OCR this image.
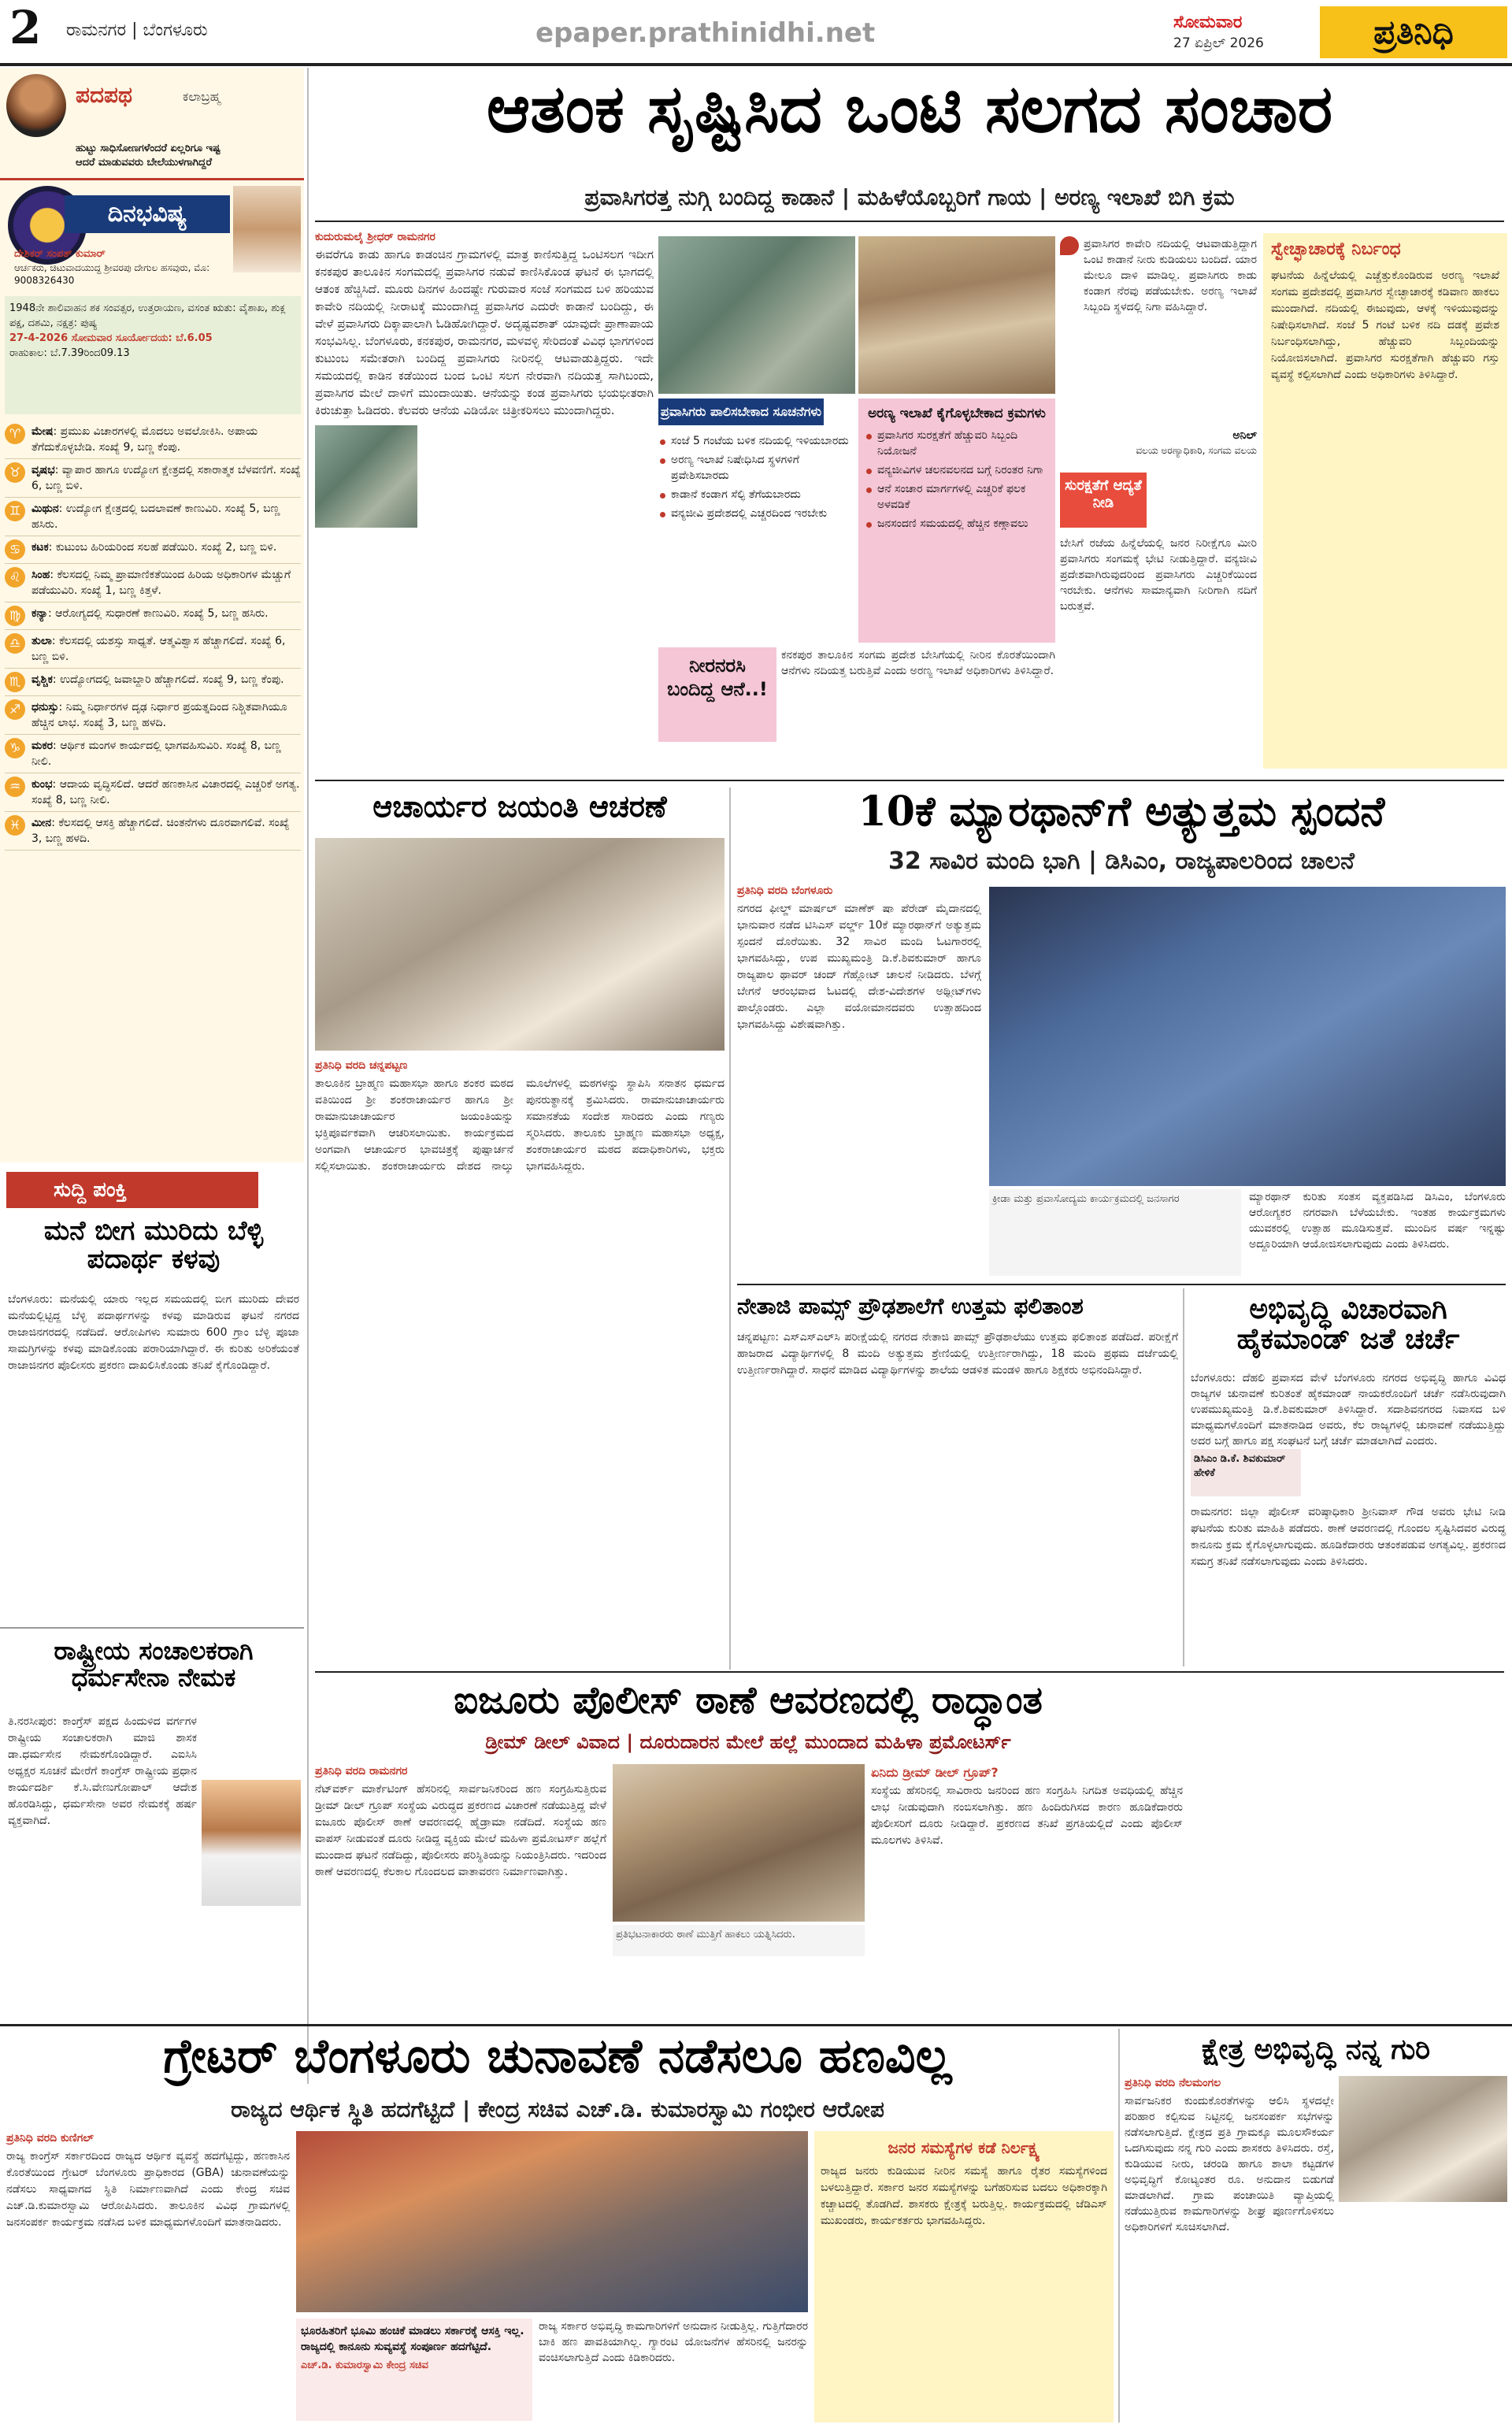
2 ರಾಮನಗರ | ಬೆಂಗಳೂರು	epaper.prathinidhi.net	ಸೋಮವಾರ
27 ಏಪ್ರಿಲ್ 2026	ಪ್ರತಿನಿಧಿ
ಪದಪಥ	ಕಲಾಬ್ರಹ್ಮ
ಹುಟ್ಟು ಸಾಧಿಸೋಣಗಳೆಂದರೆ ಏಲ್ಲರಿಗೂ ಇಷ್ಟ
ಆದರೆ ಮಾಡುವವರು ಬೇಲೆಯುಳಗಾಗಿದ್ದರೆ
ದಿನಭವಿಷ್ಯ
ದೇಶಿಕರ್ ಸಂಪತ್ ಕುಮಾರ್
ಆರ್ಚಕರು, ಚಿಟುವಾದಯುದ್ದ ಶ್ರೀವರಪು ದೇಗುಲ ಹಸವುರು, ಮೊ: 9008326430
1948ನೇ ಶಾಲಿವಾಹನ ಶಕ ಸಂವತ್ಸರ, ಉತ್ತರಾಯಣ, ವಸಂತ ಋತು: ವೈಶಾಖ, ಶುಕ್ಲ ಪಕ್ಷ, ದಶಮಿ, ನಕ್ಷತ್ರ: ಪುಷ್ಯ
27-4-2026 ಸೋಮವಾರ ಸೂರ್ಯೋದಯ: ಬೆ.6.05
ರಾಹುಕಾಲ: ಬೆ.7.39ರಿಂದ09.13
♈ ಮೇಷ: ಪ್ರಮುಖ ವಿಚಾರಗಳಲ್ಲಿ ಮೊದಲು ಅವಲೋಕಿಸಿ. ಅಪಾಯ ತೆಗೆದುಕೊಳ್ಳಬೇಡಿ. ಸಂಖ್ಯೆ 9, ಬಣ್ಣ ಕೆಂಪು.
♉ ವೃಷಭ: ವ್ಯಾಪಾರ ಹಾಗೂ ಉದ್ಯೋಗ ಕ್ಷೇತ್ರದಲ್ಲಿ ಸಕಾರಾತ್ಮಕ ಬೆಳವಣಿಗೆ. ಸಂಖ್ಯೆ 6, ಬಣ್ಣ ಬಿಳಿ.
♊ ಮಿಥುನ: ಉದ್ಯೋಗ ಕ್ಷೇತ್ರದಲ್ಲಿ ಬದಲಾವಣೆ ಕಾಣುವಿರಿ. ಸಂಖ್ಯೆ 5, ಬಣ್ಣ ಹಸಿರು.
♋ ಕಟಕ: ಕುಟುಂಬ ಹಿರಿಯರಿಂದ ಸಲಹೆ ಪಡೆಯಿರಿ. ಸಂಖ್ಯೆ 2, ಬಣ್ಣ ಬಿಳಿ.
♌ ಸಿಂಹ: ಕೆಲಸದಲ್ಲಿ ನಿಮ್ಮ ಪ್ರಾಮಾಣಿಕತೆಯಿಂದ ಹಿರಿಯ ಅಧಿಕಾರಿಗಳ ಮೆಚ್ಚುಗೆ ಪಡೆಯುವಿರಿ. ಸಂಖ್ಯೆ 1, ಬಣ್ಣ ಕಿತ್ತಳೆ.
♍ ಕನ್ಯಾ: ಆರೋಗ್ಯದಲ್ಲಿ ಸುಧಾರಣೆ ಕಾಣುವಿರಿ. ಸಂಖ್ಯೆ 5, ಬಣ್ಣ ಹಸಿರು.
♎ ತುಲಾ: ಕೆಲಸದಲ್ಲಿ ಯಶಸ್ಸು ಸಾಧ್ಯತೆ. ಆತ್ಮವಿಶ್ವಾಸ ಹೆಚ್ಚಾಗಲಿದೆ. ಸಂಖ್ಯೆ 6, ಬಣ್ಣ ಬಿಳಿ.
♏ ವೃಶ್ಚಿಕ: ಉದ್ಯೋಗದಲ್ಲಿ ಜವಾಬ್ದಾರಿ ಹೆಚ್ಚಾಗಲಿದೆ. ಸಂಖ್ಯೆ 9, ಬಣ್ಣ ಕೆಂಪು.
♐ ಧನುಸ್ಸು: ನಿಮ್ಮ ನಿರ್ಧಾರಗಳ ದೃಢ ನಿರ್ಧಾರ ಪ್ರಯತ್ನದಿಂದ ನಿಶ್ಚಿತವಾಗಿಯೂ ಹೆಚ್ಚಿನ ಲಾಭ. ಸಂಖ್ಯೆ 3, ಬಣ್ಣ ಹಳದಿ.
♑ ಮಕರ: ಆರ್ಥಿಕ ಮಂಗಳ ಕಾರ್ಯದಲ್ಲಿ ಭಾಗವಹಿಸುವಿರಿ. ಸಂಖ್ಯೆ 8, ಬಣ್ಣ ನೀಲಿ.
♒ ಕುಂಭ: ಆದಾಯ ವೃದ್ಧಿಸಲಿದೆ. ಆದರೆ ಹಣಕಾಸಿನ ವಿಚಾರದಲ್ಲಿ ಎಚ್ಚರಿಕೆ ಅಗತ್ಯ. ಸಂಖ್ಯೆ 8, ಬಣ್ಣ ನೀಲಿ.
♓ ಮೀನ: ಕೆಲಸದಲ್ಲಿ ಆಸಕ್ತಿ ಹೆಚ್ಚಾಗಲಿದೆ. ಚಿಂತನೆಗಳು ದೂರವಾಗಲಿವೆ. ಸಂಖ್ಯೆ 3, ಬಣ್ಣ ಹಳದಿ.
ಸುದ್ದಿ ಪಂಕ್ತಿ
ಮನೆ ಬೀಗ ಮುರಿದು ಬೆಳ್ಳಿ ಪದಾರ್ಥ ಕಳವು
ಬೆಂಗಳೂರು: ಮನೆಯಲ್ಲಿ ಯಾರು ಇಲ್ಲದ ಸಮಯದಲ್ಲಿ ಬೀಗ ಮುರಿದು ದೇವರ ಮನೆಯಲ್ಲಿಟ್ಟಿದ್ದ ಬೆಳ್ಳಿ ಪದಾರ್ಥಗಳನ್ನು ಕಳವು ಮಾಡಿರುವ ಘಟನೆ ನಗರದ ರಾಜಾಜಿನಗರದಲ್ಲಿ ನಡೆದಿದೆ. ಆರೋಪಿಗಳು ಸುಮಾರು 600 ಗ್ರಾಂ ಬೆಳ್ಳಿ ಪೂಜಾ ಸಾಮಗ್ರಿಗಳನ್ನು ಕಳವು ಮಾಡಿಕೊಂಡು ಪರಾರಿಯಾಗಿದ್ದಾರೆ. ಈ ಕುರಿತು ಅರಿಕೆಯಂತೆ ರಾಜಾಜಿನಗರ ಪೊಲೀಸರು ಪ್ರಕರಣ ದಾಖಲಿಸಿಕೊಂಡು ತನಿಖೆ ಕೈಗೊಂಡಿದ್ದಾರೆ.
ರಾಷ್ಟ್ರೀಯ ಸಂಚಾಲಕರಾಗಿ ಧರ್ಮಸೇನಾ ನೇಮಕ
ತಿ.ನರಸೀಪುರ: ಕಾಂಗ್ರೆಸ್ ಪಕ್ಷದ ಹಿಂದುಳಿದ ವರ್ಗಗಳ ರಾಷ್ಟ್ರೀಯ ಸಂಚಾಲಕರಾಗಿ ಮಾಜಿ ಶಾಸಕ ಡಾ.ಧರ್ಮಸೇನ ನೇಮಕಗೊಂಡಿದ್ದಾರೆ. ಎಐಸಿಸಿ ಅಧ್ಯಕ್ಷರ ಸೂಚನೆ ಮೇರೆಗೆ ಕಾಂಗ್ರೆಸ್ ರಾಷ್ಟ್ರೀಯ ಪ್ರಧಾನ ಕಾರ್ಯದರ್ಶಿ ಕೆ.ಸಿ.ವೇಣುಗೋಪಾಲ್ ಆದೇಶ ಹೊರಡಿಸಿದ್ದು, ಧರ್ಮಸೇನಾ ಅವರ ನೇಮಕಕ್ಕೆ ಹರ್ಷ ವ್ಯಕ್ತವಾಗಿದೆ.
ಆತಂಕ ಸೃಷ್ಟಿಸಿದ ಒಂಟಿ ಸಲಗದ ಸಂಚಾರ
ಪ್ರವಾಸಿಗರತ್ತ ನುಗ್ಗಿ ಬಂದಿದ್ದ ಕಾಡಾನೆ | ಮಹಿಳೆಯೊಬ್ಬರಿಗೆ ಗಾಯ | ಅರಣ್ಯ ಇಲಾಖೆ ಬಿಗಿ ಕ್ರಮ
ಕುದುರುಮಲೈ ಶ್ರೀಧರ್ ರಾಮನಗರ
ಈವರೆಗೂ ಕಾಡು ಹಾಗೂ ಕಾಡಂಚಿನ ಗ್ರಾಮಗಳಲ್ಲಿ ಮಾತ್ರ ಕಾಣಿಸುತ್ತಿದ್ದ ಒಂಟಿಸಲಗ ಇದೀಗ ಕನಕಪುರ ತಾಲೂಕಿನ ಸಂಗಮದಲ್ಲಿ ಪ್ರವಾಸಿಗರ ನಡುವೆ ಕಾಣಿಸಿಕೊಂಡ ಘಟನೆ ಈ ಭಾಗದಲ್ಲಿ ಆತಂಕ ಹೆಚ್ಚಿಸಿದೆ. ಮೂರು ದಿನಗಳ ಹಿಂದಷ್ಟೇ ಗುರುವಾರ ಸಂಜೆ ಸಂಗಮದ ಬಳಿ ಹರಿಯುವ ಕಾವೇರಿ ನದಿಯಲ್ಲಿ ನೀರಾಟಕ್ಕೆ ಮುಂದಾಗಿದ್ದ ಪ್ರವಾಸಿಗರ ಎದುರೇ ಕಾಡಾನೆ ಬಂದಿದ್ದು, ಈ ವೇಳೆ ಪ್ರವಾಸಿಗರು ದಿಕ್ಕಾಪಾಲಾಗಿ ಓಡಿಹೋಗಿದ್ದಾರೆ. ಅದೃಷ್ಟವಶಾತ್ ಯಾವುದೇ ಪ್ರಾಣಾಪಾಯ ಸಂಭವಿಸಿಲ್ಲ. ಬೆಂಗಳೂರು, ಕನಕಪುರ, ರಾಮನಗರ, ಮಳವಳ್ಳಿ ಸೇರಿದಂತೆ ವಿವಿಧ ಭಾಗಗಳಿಂದ ಕುಟುಂಬ ಸಮೇತರಾಗಿ ಬಂದಿದ್ದ ಪ್ರವಾಸಿಗರು ನೀರಿನಲ್ಲಿ ಆಟವಾಡುತ್ತಿದ್ದರು. ಇದೇ ಸಮಯದಲ್ಲಿ ಕಾಡಿನ ಕಡೆಯಿಂದ ಬಂದ ಒಂಟಿ ಸಲಗ ನೇರವಾಗಿ ನದಿಯತ್ತ ಸಾಗಿಬಂದು, ಪ್ರವಾಸಿಗರ ಮೇಲೆ ದಾಳಿಗೆ ಮುಂದಾಯಿತು. ಆನೆಯನ್ನು ಕಂಡ ಪ್ರವಾಸಿಗರು ಭಯಭೀತರಾಗಿ ಕಿರುಚುತ್ತಾ ಓಡಿದರು. ಕೆಲವರು ಆನೆಯ ವಿಡಿಯೋ ಚಿತ್ರೀಕರಿಸಲು ಮುಂದಾಗಿದ್ದರು.	ಪ್ರವಾಸಿಗರು ಪಾಲಿಸಬೇಕಾದ ಸೂಚನೆಗಳು
ಸಂಜೆ 5 ಗಂಟೆಯ ಬಳಿಕ ನದಿಯಲ್ಲಿ ಇಳಿಯಬಾರದು
ಅರಣ್ಯ ಇಲಾಖೆ ನಿಷೇಧಿಸಿದ ಸ್ಥಳಗಳಿಗೆ ಪ್ರವೇಶಿಸಬಾರದು
ಕಾಡಾನೆ ಕಂಡಾಗ ಸೆಲ್ಫಿ ತೆಗೆಯಬಾರದು
ವನ್ಯಜೀವಿ ಪ್ರದೇಶದಲ್ಲಿ ಎಚ್ಚರದಿಂದ ಇರಬೇಕು
ಅರಣ್ಯ ಇಲಾಖೆ ಕೈಗೊಳ್ಳಬೇಕಾದ ಕ್ರಮಗಳು
ಪ್ರವಾಸಿಗರ ಸುರಕ್ಷತೆಗೆ ಹೆಚ್ಚುವರಿ ಸಿಬ್ಬಂದಿ ನಿಯೋಜನೆ
ವನ್ಯಜೀವಿಗಳ ಚಲನವಲನದ ಬಗ್ಗೆ ನಿರಂತರ ನಿಗಾ
ಆನೆ ಸಂಚಾರ ಮಾರ್ಗಗಳಲ್ಲಿ ಎಚ್ಚರಿಕೆ ಫಲಕ ಅಳವಡಿಕೆ
ಜನಸಂದಣಿ ಸಮಯದಲ್ಲಿ ಹೆಚ್ಚಿನ ಕಣ್ಗಾವಲು
ನೀರನರಸಿ ಬಂದಿದ್ದ ಆನೆ..!
ಕನಕಪುರ ತಾಲೂಕಿನ ಸಂಗಮ ಪ್ರದೇಶ ಬೇಸಿಗೆಯಲ್ಲಿ ನೀರಿನ ಕೊರತೆಯಿಂದಾಗಿ ಆನೆಗಳು ನದಿಯತ್ತ ಬರುತ್ತಿವೆ ಎಂದು ಅರಣ್ಯ ಇಲಾಖೆ ಅಧಿಕಾರಿಗಳು ತಿಳಿಸಿದ್ದಾರೆ.
ಪ್ರವಾಸಿಗರ ಕಾವೇರಿ ನದಿಯಲ್ಲಿ ಆಟವಾಡುತ್ತಿದ್ದಾಗ ಒಂಟಿ ಕಾಡಾನೆ ನೀರು ಕುಡಿಯಲು ಬಂದಿದೆ. ಯಾರ ಮೇಲೂ ದಾಳಿ ಮಾಡಿಲ್ಲ. ಪ್ರವಾಸಿಗರು ಕಾಡು ಕಂಡಾಗ ನೆರವು ಪಡೆಯಬೇಕು. ಅರಣ್ಯ ಇಲಾಖೆ ಸಿಬ್ಬಂದಿ ಸ್ಥಳದಲ್ಲಿ ನಿಗಾ ವಹಿಸಿದ್ದಾರೆ.
ಅನಿಲ್
ವಲಯ ಅರಣ್ಯಾಧಿಕಾರಿ, ಸಂಗಮ ವಲಯ
ಸುರಕ್ಷತೆಗೆ ಆದ್ಯತೆ ನೀಡಿ
ಬೇಸಿಗೆ ರಜೆಯ ಹಿನ್ನೆಲೆಯಲ್ಲಿ ಜನರ ನಿರೀಕ್ಷೆಗೂ ಮೀರಿ ಪ್ರವಾಸಿಗರು ಸಂಗಮಕ್ಕೆ ಭೇಟಿ ನೀಡುತ್ತಿದ್ದಾರೆ. ವನ್ಯಜೀವಿ ಪ್ರದೇಶವಾಗಿರುವುದರಿಂದ ಪ್ರವಾಸಿಗರು ಎಚ್ಚರಿಕೆಯಿಂದ ಇರಬೇಕು. ಆನೆಗಳು ಸಾಮಾನ್ಯವಾಗಿ ನೀರಿಗಾಗಿ ನದಿಗೆ ಬರುತ್ತವೆ.
ಸ್ವೇಚ್ಛಾಚಾರಕ್ಕೆ ನಿರ್ಬಂಧ
ಘಟನೆಯ ಹಿನ್ನೆಲೆಯಲ್ಲಿ ಎಚ್ಚೆತ್ತುಕೊಂಡಿರುವ ಅರಣ್ಯ ಇಲಾಖೆ ಸಂಗಮ ಪ್ರದೇಶದಲ್ಲಿ ಪ್ರವಾಸಿಗರ ಸ್ವೇಚ್ಛಾಚಾರಕ್ಕೆ ಕಡಿವಾಣ ಹಾಕಲು ಮುಂದಾಗಿದೆ. ನದಿಯಲ್ಲಿ ಈಜುವುದು, ಆಳಕ್ಕೆ ಇಳಿಯುವುದನ್ನು ನಿಷೇಧಿಸಲಾಗಿದೆ. ಸಂಜೆ 5 ಗಂಟೆ ಬಳಿಕ ನದಿ ದಡಕ್ಕೆ ಪ್ರವೇಶ ನಿರ್ಬಂಧಿಸಲಾಗಿದ್ದು, ಹೆಚ್ಚುವರಿ ಸಿಬ್ಬಂದಿಯನ್ನು ನಿಯೋಜಿಸಲಾಗಿದೆ. ಪ್ರವಾಸಿಗರ ಸುರಕ್ಷತೆಗಾಗಿ ಹೆಚ್ಚುವರಿ ಗಸ್ತು ವ್ಯವಸ್ಥೆ ಕಲ್ಪಿಸಲಾಗಿದೆ ಎಂದು ಅಧಿಕಾರಿಗಳು ತಿಳಿಸಿದ್ದಾರೆ.
ಆಚಾರ್ಯರ ಜಯಂತಿ ಆಚರಣೆ
ಪ್ರತಿನಿಧಿ ವರದಿ ಚನ್ನಪಟ್ಟಣ
ತಾಲೂಕಿನ ಬ್ರಾಹ್ಮಣ ಮಹಾಸಭಾ ಹಾಗೂ ಶಂಕರ ಮಠದ ವತಿಯಿಂದ ಶ್ರೀ ಶಂಕರಾಚಾರ್ಯರ ಹಾಗೂ ಶ್ರೀ ರಾಮಾನುಜಾಚಾರ್ಯರ ಜಯಂತಿಯನ್ನು ಭಕ್ತಿಪೂರ್ವಕವಾಗಿ ಆಚರಿಸಲಾಯಿತು. ಕಾರ್ಯಕ್ರಮದ ಅಂಗವಾಗಿ ಆಚಾರ್ಯರ ಭಾವಚಿತ್ರಕ್ಕೆ ಪುಷ್ಪಾರ್ಚನೆ ಸಲ್ಲಿಸಲಾಯಿತು. ಶಂಕರಾಚಾರ್ಯರು ದೇಶದ ನಾಲ್ಕು ಮೂಲೆಗಳಲ್ಲಿ ಮಠಗಳನ್ನು ಸ್ಥಾಪಿಸಿ ಸನಾತನ ಧರ್ಮದ ಪುನರುತ್ಥಾನಕ್ಕೆ ಶ್ರಮಿಸಿದರು. ರಾಮಾನುಜಾಚಾರ್ಯರು ಸಮಾನತೆಯ ಸಂದೇಶ ಸಾರಿದರು ಎಂದು ಗಣ್ಯರು ಸ್ಮರಿಸಿದರು. ತಾಲೂಕು ಬ್ರಾಹ್ಮಣ ಮಹಾಸಭಾ ಅಧ್ಯಕ್ಷ, ಶಂಕರಾಚಾರ್ಯರ ಮಠದ ಪದಾಧಿಕಾರಿಗಳು, ಭಕ್ತರು ಭಾಗವಹಿಸಿದ್ದರು.
10ಕೆ ಮ್ಯಾರಥಾನ್‌ಗೆ ಅತ್ಯುತ್ತಮ ಸ್ಪಂದನೆ
32 ಸಾವಿರ ಮಂದಿ ಭಾಗಿ | ಡಿಸಿಎಂ, ರಾಜ್ಯಪಾಲರಿಂದ ಚಾಲನೆ
ಪ್ರತಿನಿಧಿ ವರದಿ ಬೆಂಗಳೂರು
ನಗರದ ಫೀಲ್ಡ್ ಮಾರ್ಷಲ್ ಮಾಣೆಕ್ ಷಾ ಪೆರೇಡ್ ಮೈದಾನದಲ್ಲಿ ಭಾನುವಾರ ನಡೆದ ಟಿಸಿಎಸ್ ವರ್ಲ್ಡ್ 10ಕೆ ಮ್ಯಾರಥಾನ್‌ಗೆ ಅತ್ಯುತ್ತಮ ಸ್ಪಂದನೆ ದೊರೆಯಿತು. 32 ಸಾವಿರ ಮಂದಿ ಓಟಗಾರರಲ್ಲಿ ಭಾಗವಹಿಸಿದ್ದು, ಉಪ ಮುಖ್ಯಮಂತ್ರಿ ಡಿ.ಕೆ.ಶಿವಕುಮಾರ್ ಹಾಗೂ ರಾಜ್ಯಪಾಲ ಥಾವರ್ ಚಂದ್ ಗೆಹ್ಲೋಟ್ ಚಾಲನೆ ನೀಡಿದರು. ಬೆಳಗ್ಗೆ ಬೇಗನೆ ಆರಂಭವಾದ ಓಟದಲ್ಲಿ ದೇಶ-ವಿದೇಶಗಳ ಅಥ್ಲೀಟ್‌ಗಳು ಪಾಲ್ಗೊಂಡರು. ಎಲ್ಲಾ ವಯೋಮಾನದವರು ಉತ್ಸಾಹದಿಂದ ಭಾಗವಹಿಸಿದ್ದು ವಿಶೇಷವಾಗಿತ್ತು.
ಕ್ರೀಡಾ ಮತ್ತು ಪ್ರವಾಸೋದ್ಯಮ ಕಾರ್ಯಕ್ರಮದಲ್ಲಿ ಜನಸಾಗರ	ಮ್ಯಾರಥಾನ್ ಕುರಿತು ಸಂತಸ ವ್ಯಕ್ತಪಡಿಸಿದ ಡಿಸಿಎಂ, ಬೆಂಗಳೂರು ಆರೋಗ್ಯಕರ ನಗರವಾಗಿ ಬೆಳೆಯಬೇಕು. ಇಂತಹ ಕಾರ್ಯಕ್ರಮಗಳು ಯುವಕರಲ್ಲಿ ಉತ್ಸಾಹ ಮೂಡಿಸುತ್ತವೆ. ಮುಂದಿನ ವರ್ಷ ಇನ್ನಷ್ಟು ಅದ್ದೂರಿಯಾಗಿ ಆಯೋಜಿಸಲಾಗುವುದು ಎಂದು ತಿಳಿಸಿದರು.
ನೇತಾಜಿ ಪಾಮ್ಸ್ ಪ್ರೌಢಶಾಲೆಗೆ ಉತ್ತಮ ಫಲಿತಾಂಶ
ಚನ್ನಪಟ್ಟಣ: ಎಸ್‌ಎಸ್‌ಎಲ್‌ಸಿ ಪರೀಕ್ಷೆಯಲ್ಲಿ ನಗರದ ನೇತಾಜಿ ಪಾಮ್ಸ್ ಪ್ರೌಢಶಾಲೆಯು ಉತ್ತಮ ಫಲಿತಾಂಶ ಪಡೆದಿದೆ. ಪರೀಕ್ಷೆಗೆ ಹಾಜರಾದ ವಿದ್ಯಾರ್ಥಿಗಳಲ್ಲಿ 8 ಮಂದಿ ಅತ್ಯುತ್ತಮ ಶ್ರೇಣಿಯಲ್ಲಿ ಉತ್ತೀರ್ಣರಾಗಿದ್ದು, 18 ಮಂದಿ ಪ್ರಥಮ ದರ್ಜೆಯಲ್ಲಿ ಉತ್ತೀರ್ಣರಾಗಿದ್ದಾರೆ. ಸಾಧನೆ ಮಾಡಿದ ವಿದ್ಯಾರ್ಥಿಗಳನ್ನು ಶಾಲೆಯ ಆಡಳಿತ ಮಂಡಳಿ ಹಾಗೂ ಶಿಕ್ಷಕರು ಅಭಿನಂದಿಸಿದ್ದಾರೆ.
ಅಭಿವೃದ್ಧಿ ವಿಚಾರವಾಗಿ ಹೈಕಮಾಂಡ್ ಜತೆ ಚರ್ಚೆ
ಬೆಂಗಳೂರು: ದೆಹಲಿ ಪ್ರವಾಸದ ವೇಳೆ ಬೆಂಗಳೂರು ನಗರದ ಅಭಿವೃದ್ಧಿ ಹಾಗೂ ವಿವಿಧ ರಾಜ್ಯಗಳ ಚುನಾವಣೆ ಕುರಿತಂತೆ ಹೈಕಮಾಂಡ್ ನಾಯಕರೊಂದಿಗೆ ಚರ್ಚೆ ನಡೆಸಿರುವುದಾಗಿ ಉಪಮುಖ್ಯಮಂತ್ರಿ ಡಿ.ಕೆ.ಶಿವಕುಮಾರ್ ತಿಳಿಸಿದ್ದಾರೆ. ಸದಾಶಿವನಗರದ ನಿವಾಸದ ಬಳಿ ಮಾಧ್ಯಮಗಳೊಂದಿಗೆ ಮಾತನಾಡಿದ ಅವರು, ಕೆಲ ರಾಜ್ಯಗಳಲ್ಲಿ ಚುನಾವಣೆ ನಡೆಯುತ್ತಿದ್ದು ಅದರ ಬಗ್ಗೆ ಹಾಗೂ ಪಕ್ಷ ಸಂಘಟನೆ ಬಗ್ಗೆ ಚರ್ಚೆ ಮಾಡಲಾಗಿದೆ ಎಂದರು.
ಡಿಸಿಎಂ ಡಿ.ಕೆ. ಶಿವಕುಮಾರ್ ಹೇಳಿಕೆ
ಐಜೂರು ಪೊಲೀಸ್ ಠಾಣೆ ಆವರಣದಲ್ಲಿ ರಾದ್ಧಾಂತ
ಡ್ರೀಮ್ ಡೀಲ್ ವಿವಾದ | ದೂರುದಾರನ ಮೇಲೆ ಹಲ್ಲೆ ಮುಂದಾದ ಮಹಿಳಾ ಪ್ರಮೋಟರ್ಸ್
ಪ್ರತಿನಿಧಿ ವರದಿ ರಾಮನಗರ
ನೆಟ್‌ವರ್ಕ್ ಮಾರ್ಕೆಟಿಂಗ್ ಹೆಸರಿನಲ್ಲಿ ಸಾರ್ವಜನಿಕರಿಂದ ಹಣ ಸಂಗ್ರಹಿಸುತ್ತಿರುವ ಡ್ರೀಮ್ ಡೀಲ್ ಗ್ರೂಪ್ ಸಂಸ್ಥೆಯ ವಿರುದ್ಧದ ಪ್ರಕರಣದ ವಿಚಾರಣೆ ನಡೆಯುತ್ತಿದ್ದ ವೇಳೆ ಐಜೂರು ಪೊಲೀಸ್ ಠಾಣೆ ಆವರಣದಲ್ಲಿ ಹೈಡ್ರಾಮಾ ನಡೆದಿದೆ. ಸಂಸ್ಥೆಯ ಹಣ ವಾಪಸ್ ನೀಡುವಂತೆ ದೂರು ನೀಡಿದ್ದ ವ್ಯಕ್ತಿಯ ಮೇಲೆ ಮಹಿಳಾ ಪ್ರಮೋಟರ್ಸ್ ಹಲ್ಲೆಗೆ ಮುಂದಾದ ಘಟನೆ ನಡೆದಿದ್ದು, ಪೊಲೀಸರು ಪರಿಸ್ಥಿತಿಯನ್ನು ನಿಯಂತ್ರಿಸಿದರು. ಇದರಿಂದ ಠಾಣೆ ಆವರಣದಲ್ಲಿ ಕೆಲಕಾಲ ಗೊಂದಲದ ವಾತಾವರಣ ನಿರ್ಮಾಣವಾಗಿತ್ತು.
ಪ್ರತಿಭಟನಾಕಾರರು ಠಾಣೆ ಮುತ್ತಿಗೆ ಹಾಕಲು ಯತ್ನಿಸಿದರು.
ಏನಿದು ಡ್ರೀಮ್ ಡೀಲ್ ಗ್ರೂಪ್?
ಸಂಸ್ಥೆಯ ಹೆಸರಿನಲ್ಲಿ ಸಾವಿರಾರು ಜನರಿಂದ ಹಣ ಸಂಗ್ರಹಿಸಿ ನಿಗದಿತ ಅವಧಿಯಲ್ಲಿ ಹೆಚ್ಚಿನ ಲಾಭ ನೀಡುವುದಾಗಿ ನಂಬಿಸಲಾಗಿತ್ತು. ಹಣ ಹಿಂದಿರುಗಿಸದ ಕಾರಣ ಹೂಡಿಕೆದಾರರು ಪೊಲೀಸರಿಗೆ ದೂರು ನೀಡಿದ್ದಾರೆ. ಪ್ರಕರಣದ ತನಿಖೆ ಪ್ರಗತಿಯಲ್ಲಿದೆ ಎಂದು ಪೊಲೀಸ್ ಮೂಲಗಳು ತಿಳಿಸಿವೆ.
ರಾಮನಗರ: ಜಿಲ್ಲಾ ಪೊಲೀಸ್ ವರಿಷ್ಠಾಧಿಕಾರಿ ಶ್ರೀನಿವಾಸ್ ಗೌಡ ಅವರು ಭೇಟಿ ನೀಡಿ ಘಟನೆಯ ಕುರಿತು ಮಾಹಿತಿ ಪಡೆದರು. ಠಾಣೆ ಆವರಣದಲ್ಲಿ ಗೊಂದಲ ಸೃಷ್ಟಿಸಿದವರ ವಿರುದ್ಧ ಕಾನೂನು ಕ್ರಮ ಕೈಗೊಳ್ಳಲಾಗುವುದು. ಹೂಡಿಕೆದಾರರು ಆತಂಕಪಡುವ ಅಗತ್ಯವಿಲ್ಲ. ಪ್ರಕರಣದ ಸಮಗ್ರ ತನಿಖೆ ನಡೆಸಲಾಗುವುದು ಎಂದು ತಿಳಿಸಿದರು.
ಗ್ರೇಟರ್ ಬೆಂಗಳೂರು ಚುನಾವಣೆ ನಡೆಸಲೂ ಹಣವಿಲ್ಲ
ರಾಜ್ಯದ ಆರ್ಥಿಕ ಸ್ಥಿತಿ ಹದಗೆಟ್ಟಿದೆ | ಕೇಂದ್ರ ಸಚಿವ ಎಚ್.ಡಿ. ಕುಮಾರಸ್ವಾಮಿ ಗಂಭೀರ ಆರೋಪ
ಪ್ರತಿನಿಧಿ ವರದಿ ಕುಣಿಗಲ್
ರಾಜ್ಯ ಕಾಂಗ್ರೆಸ್ ಸರ್ಕಾರದಿಂದ ರಾಜ್ಯದ ಆರ್ಥಿಕ ವ್ಯವಸ್ಥೆ ಹದಗೆಟ್ಟಿದ್ದು, ಹಣಕಾಸಿನ ಕೊರತೆಯಿಂದ ಗ್ರೇಟರ್ ಬೆಂಗಳೂರು ಪ್ರಾಧಿಕಾರದ (GBA) ಚುನಾವಣೆಯನ್ನು ನಡೆಸಲು ಸಾಧ್ಯವಾಗದ ಸ್ಥಿತಿ ನಿರ್ಮಾಣವಾಗಿದೆ ಎಂದು ಕೇಂದ್ರ ಸಚಿವ ಎಚ್.ಡಿ.ಕುಮಾರಸ್ವಾಮಿ ಆರೋಪಿಸಿದರು. ತಾಲೂಕಿನ ವಿವಿಧ ಗ್ರಾಮಗಳಲ್ಲಿ ಜನಸಂಪರ್ಕ ಕಾರ್ಯಕ್ರಮ ನಡೆಸಿದ ಬಳಿಕ ಮಾಧ್ಯಮಗಳೊಂದಿಗೆ ಮಾತನಾಡಿದರು.
ಭೂರಹಿತರಿಗೆ ಭೂಮಿ ಹಂಚಿಕೆ ಮಾಡಲು ಸರ್ಕಾರಕ್ಕೆ ಆಸಕ್ತಿ ಇಲ್ಲ. ರಾಜ್ಯದಲ್ಲಿ ಕಾನೂನು ಸುವ್ಯವಸ್ಥೆ ಸಂಪೂರ್ಣ ಹದಗೆಟ್ಟಿದೆ.
ಎಚ್.ಡಿ. ಕುಮಾರಸ್ವಾಮಿ ಕೇಂದ್ರ ಸಚಿವ
ರಾಜ್ಯ ಸರ್ಕಾರ ಅಭಿವೃದ್ಧಿ ಕಾಮಗಾರಿಗಳಿಗೆ ಅನುದಾನ ನೀಡುತ್ತಿಲ್ಲ. ಗುತ್ತಿಗೆದಾರರ ಬಾಕಿ ಹಣ ಪಾವತಿಯಾಗಿಲ್ಲ. ಗ್ಯಾರಂಟಿ ಯೋಜನೆಗಳ ಹೆಸರಿನಲ್ಲಿ ಜನರನ್ನು ವಂಚಿಸಲಾಗುತ್ತಿದೆ ಎಂದು ಕಿಡಿಕಾರಿದರು.
ಜನರ ಸಮಸ್ಯೆಗಳ ಕಡೆ ನಿರ್ಲಕ್ಷ್ಯ
ರಾಜ್ಯದ ಜನರು ಕುಡಿಯುವ ನೀರಿನ ಸಮಸ್ಯೆ ಹಾಗೂ ರೈತರ ಸಮಸ್ಯೆಗಳಿಂದ ಬಳಲುತ್ತಿದ್ದಾರೆ. ಸರ್ಕಾರ ಜನರ ಸಮಸ್ಯೆಗಳನ್ನು ಬಗೆಹರಿಸುವ ಬದಲು ಅಧಿಕಾರಕ್ಕಾಗಿ ಕಚ್ಚಾಟದಲ್ಲಿ ತೊಡಗಿದೆ. ಶಾಸಕರು ಕ್ಷೇತ್ರಕ್ಕೆ ಬರುತ್ತಿಲ್ಲ. ಕಾರ್ಯಕ್ರಮದಲ್ಲಿ ಜೆಡಿಎಸ್ ಮುಖಂಡರು, ಕಾರ್ಯಕರ್ತರು ಭಾಗವಹಿಸಿದ್ದರು.
ಕ್ಷೇತ್ರ ಅಭಿವೃದ್ಧಿ ನನ್ನ ಗುರಿ
ಪ್ರತಿನಿಧಿ ವರದಿ ನೆಲಮಂಗಲ
ಸಾರ್ವಜನಿಕರ ಕುಂದುಕೊರತೆಗಳನ್ನು ಆಲಿಸಿ ಸ್ಥಳದಲ್ಲೇ ಪರಿಹಾರ ಕಲ್ಪಿಸುವ ನಿಟ್ಟಿನಲ್ಲಿ ಜನಸಂಪರ್ಕ ಸಭೆಗಳನ್ನು ನಡೆಸಲಾಗುತ್ತಿದೆ. ಕ್ಷೇತ್ರದ ಪ್ರತಿ ಗ್ರಾಮಕ್ಕೂ ಮೂಲಸೌಕರ್ಯ ಒದಗಿಸುವುದು ನನ್ನ ಗುರಿ ಎಂದು ಶಾಸಕರು ತಿಳಿಸಿದರು. ರಸ್ತೆ, ಕುಡಿಯುವ ನೀರು, ಚರಂಡಿ ಹಾಗೂ ಶಾಲಾ ಕಟ್ಟಡಗಳ ಅಭಿವೃದ್ಧಿಗೆ ಕೋಟ್ಯಂತರ ರೂ. ಅನುದಾನ ಬಿಡುಗಡೆ ಮಾಡಲಾಗಿದೆ. ಗ್ರಾಮ ಪಂಚಾಯಿತಿ ವ್ಯಾಪ್ತಿಯಲ್ಲಿ ನಡೆಯುತ್ತಿರುವ ಕಾಮಗಾರಿಗಳನ್ನು ಶೀಘ್ರ ಪೂರ್ಣಗೊಳಿಸಲು ಅಧಿಕಾರಿಗಳಿಗೆ ಸೂಚಿಸಲಾಗಿದೆ.
